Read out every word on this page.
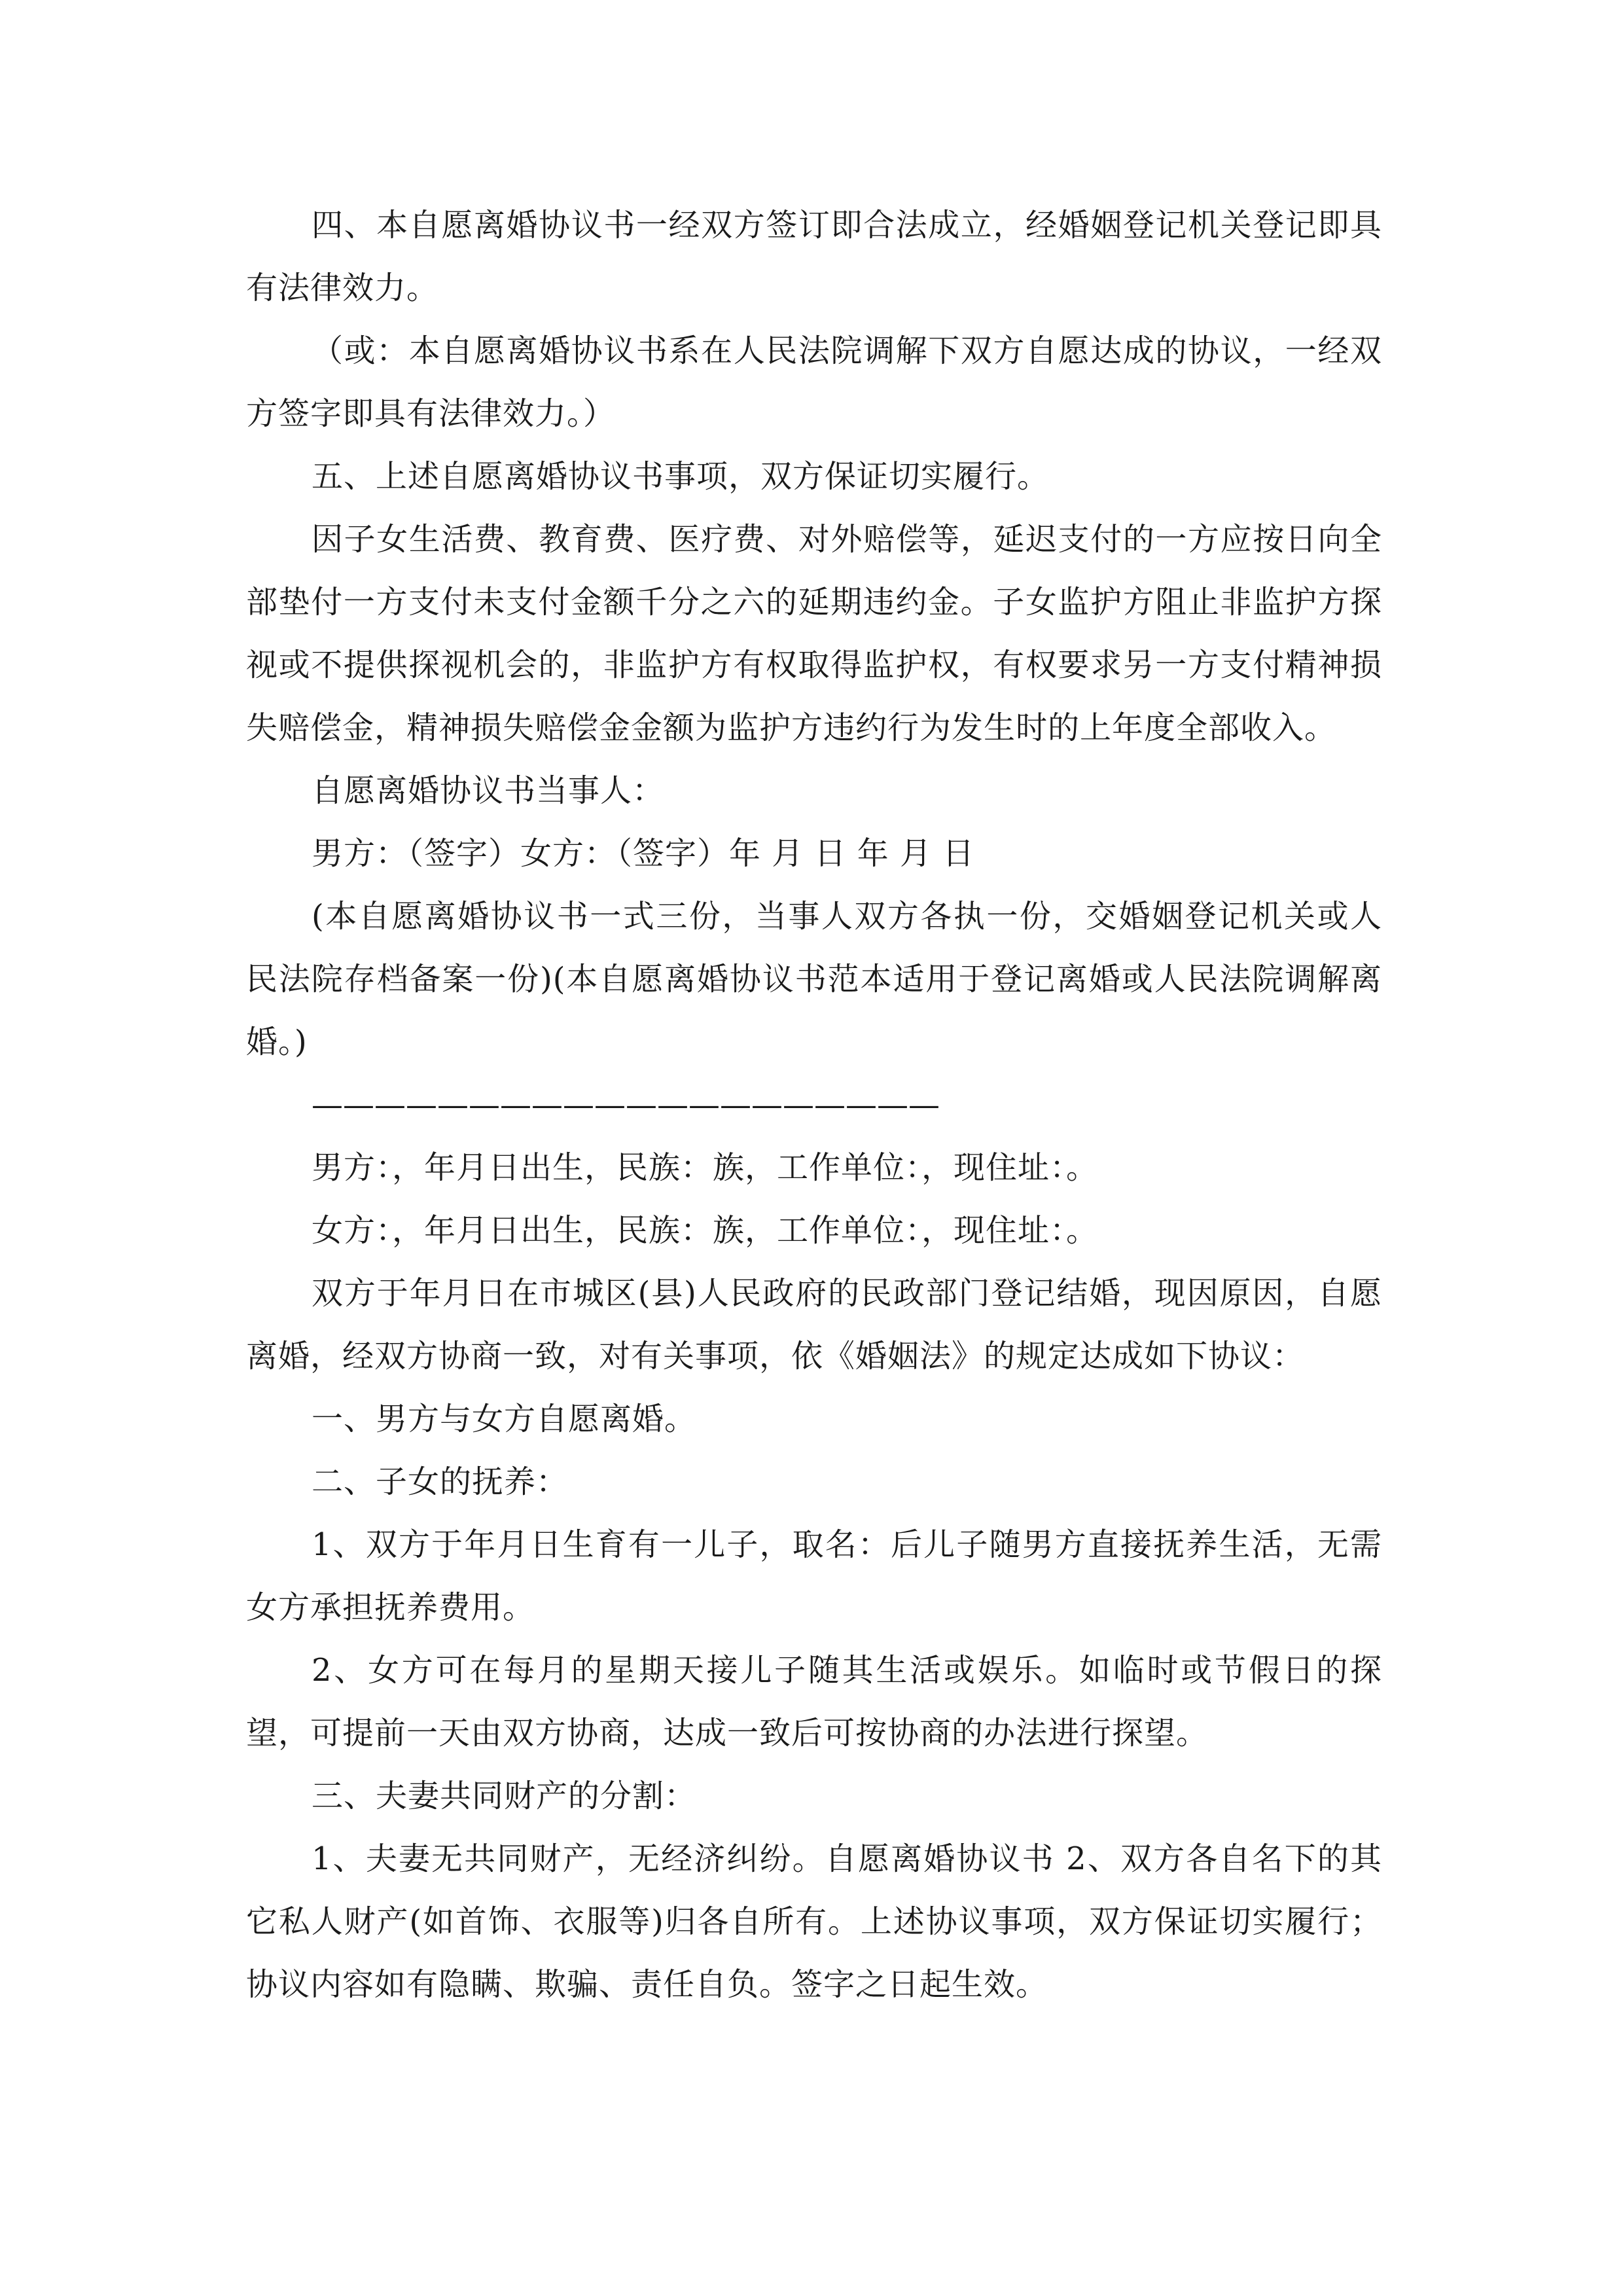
四、本自愿离婚协议书一经双方签订即合法成立，经婚姻登记机关登记即具有法律效力。

（或：本自愿离婚协议书系在人民法院调解下双方自愿达成的协议，一经双方签字即具有法律效力。）

五、上述自愿离婚协议书事项，双方保证切实履行。

因子女生活费、教育费、医疗费、对外赔偿等，延迟支付的一方应按日向全部垫付一方支付未支付金额千分之六的延期违约金。子女监护方阻止非监护方探视或不提供探视机会的，非监护方有权取得监护权，有权要求另一方支付精神损失赔偿金，精神损失赔偿金金额为监护方违约行为发生时的上年度全部收入。

自愿离婚协议书当事人：

男方：（签字）女方：（签字）年 月 日 年 月 日

(本自愿离婚协议书一式三份，当事人双方各执一份，交婚姻登记机关或人民法院存档备案一份)(本自愿离婚协议书范本适用于登记离婚或人民法院调解离婚。)

————————————————————

男方：，年月日出生，民族：族，工作单位：，现住址：。

女方：，年月日出生，民族：族，工作单位：，现住址：。

双方于年月日在市城区(县)人民政府的民政部门登记结婚，现因原因，自愿离婚，经双方协商一致，对有关事项，依《婚姻法》的规定达成如下协议：

一、男方与女方自愿离婚。

二、子女的抚养：

1、双方于年月日生育有一儿子，取名：后儿子随男方直接抚养生活，无需女方承担抚养费用。

2、女方可在每月的星期天接儿子随其生活或娱乐。如临时或节假日的探望，可提前一天由双方协商，达成一致后可按协商的办法进行探望。

三、夫妻共同财产的分割：

1、夫妻无共同财产，无经济纠纷。自愿离婚协议书 2、双方各自名下的其它私人财产(如首饰、衣服等)归各自所有。上述协议事项，双方保证切实履行；协议内容如有隐瞒、欺骗、责任自负。签字之日起生效。
